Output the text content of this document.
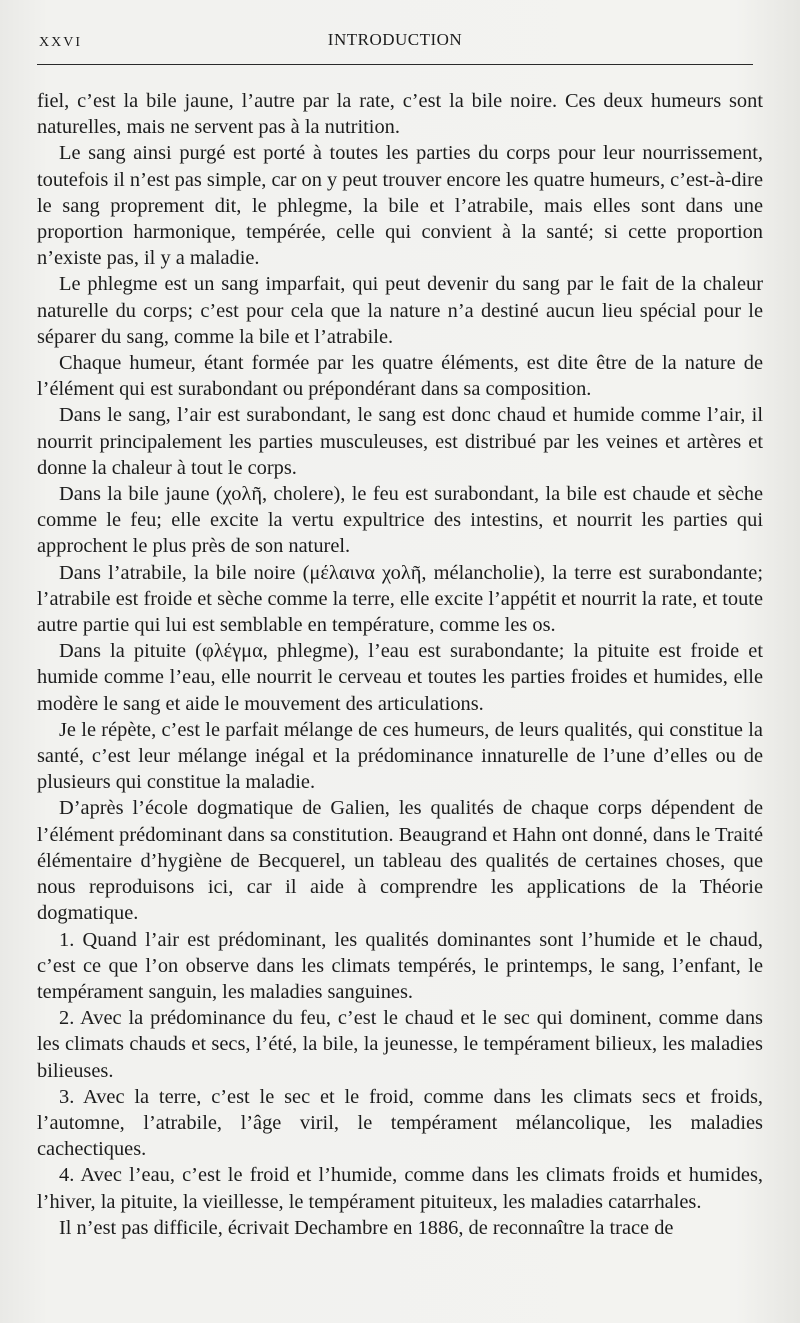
XXVI	INTRODUCTION

fiel, c’est la bile jaune, l’autre par la rate, c’est la bile noire. Ces deux humeurs sont naturelles, mais ne servent pas à la nutrition.

Le sang ainsi purgé est porté à toutes les parties du corps pour leur nourrissement, toutefois il n’est pas simple, car on y peut trouver encore les quatre humeurs, c’est-à-dire le sang proprement dit, le phlegme, la bile et l’atrabile, mais elles sont dans une proportion harmonique, tempérée, celle qui convient à la santé; si cette proportion n’existe pas, il y a maladie.

Le phlegme est un sang imparfait, qui peut devenir du sang par le fait de la chaleur naturelle du corps; c’est pour cela que la nature n’a destiné aucun lieu spécial pour le séparer du sang, comme la bile et l’atrabile.

Chaque humeur, étant formée par les quatre éléments, est dite être de la nature de l’élément qui est surabondant ou prépondérant dans sa composition.

Dans le sang, l’air est surabondant, le sang est donc chaud et humide comme l’air, il nourrit principalement les parties musculeuses, est distribué par les veines et artères et donne la chaleur à tout le corps.

Dans la bile jaune (χολῆ, cholere), le feu est surabondant, la bile est chaude et sèche comme le feu; elle excite la vertu expultrice des intestins, et nourrit les parties qui approchent le plus près de son naturel.

Dans l’atrabile, la bile noire (μέλαινα χολῆ, mélancholie), la terre est surabondante; l’atrabile est froide et sèche comme la terre, elle excite l’appétit et nourrit la rate, et toute autre partie qui lui est semblable en température, comme les os.

Dans la pituite (φλέγμα, phlegme), l’eau est surabondante; la pituite est froide et humide comme l’eau, elle nourrit le cerveau et toutes les parties froides et humides, elle modère le sang et aide le mouvement des articulations.

Je le répète, c’est le parfait mélange de ces humeurs, de leurs qualités, qui constitue la santé, c’est leur mélange inégal et la prédominance innaturelle de l’une d’elles ou de plusieurs qui constitue la maladie.

D’après l’école dogmatique de Galien, les qualités de chaque corps dépendent de l’élément prédominant dans sa constitution. Beaugrand et Hahn ont donné, dans le Traité élémentaire d’hygiène de Becquerel, un tableau des qualités de certaines choses, que nous reproduisons ici, car il aide à comprendre les applications de la Théorie dogmatique.

1. Quand l’air est prédominant, les qualités dominantes sont l’humide et le chaud, c’est ce que l’on observe dans les climats tempérés, le printemps, le sang, l’enfant, le tempérament sanguin, les maladies sanguines.

2. Avec la prédominance du feu, c’est le chaud et le sec qui dominent, comme dans les climats chauds et secs, l’été, la bile, la jeunesse, le tempérament bilieux, les maladies bilieuses.

3. Avec la terre, c’est le sec et le froid, comme dans les climats secs et froids, l’automne, l’atrabile, l’âge viril, le tempérament mélancolique, les maladies cachectiques.

4. Avec l’eau, c’est le froid et l’humide, comme dans les climats froids et humides, l’hiver, la pituite, la vieillesse, le tempérament pituiteux, les maladies catarrhales.

Il n’est pas difficile, écrivait Dechambre en 1886, de reconnaître la trace de
